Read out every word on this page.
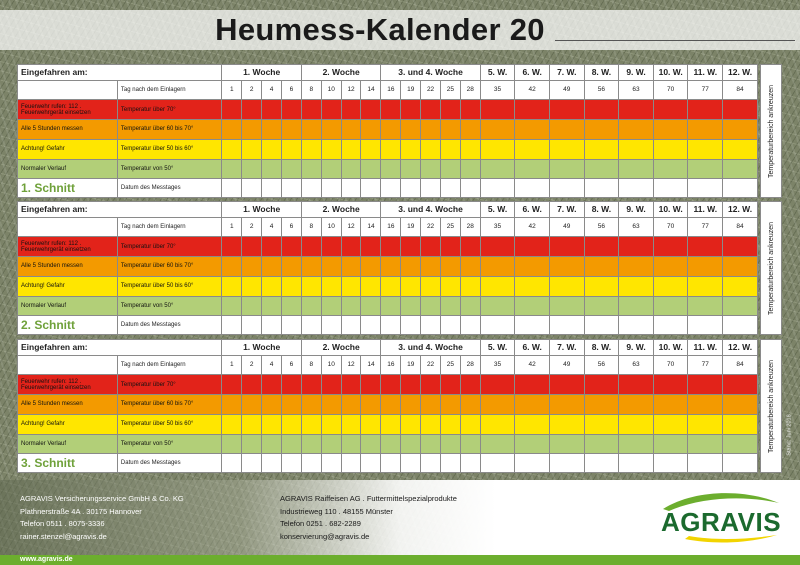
Heumess-Kalender 20
Eingefahren am:		1. Woche				2. Woche				3. und 4. Woche					5. W.	6. W.	7. W.	8. W.	9. W.	10. W.	11. W.	12. W.
	Tag nach dem Einlagern	1	2	4	6	8	10	12	14	16	19	22	25	28	35	42	49	56	63	70	77	84
Feuerwehr rufen: 112 . Feuerwehrgerät einsetzen	Temperatur über 70°																					
Alle 5 Stunden messen	Temperatur über 60 bis 70°																					
Achtung! Gefahr	Temperatur über 50 bis 60°																					
Normaler Verlauf	Temperatur von 50°																					
1. Schnitt	Datum des Messtages																					
Temperaturbereich ankreuzen
Eingefahren am:		1. Woche				2. Woche				3. und 4. Woche					5. W.	6. W.	7. W.	8. W.	9. W.	10. W.	11. W.	12. W.
	Tag nach dem Einlagern	1	2	4	6	8	10	12	14	16	19	22	25	28	35	42	49	56	63	70	77	84
Feuerwehr rufen: 112 . Feuerwehrgerät einsetzen	Temperatur über 70°																					
Alle 5 Stunden messen	Temperatur über 60 bis 70°																					
Achtung! Gefahr	Temperatur über 50 bis 60°																					
Normaler Verlauf	Temperatur von 50°																					
2. Schnitt	Datum des Messtages																					
Temperaturbereich ankreuzen
Eingefahren am:		1. Woche				2. Woche				3. und 4. Woche					5. W.	6. W.	7. W.	8. W.	9. W.	10. W.	11. W.	12. W.
	Tag nach dem Einlagern	1	2	4	6	8	10	12	14	16	19	22	25	28	35	42	49	56	63	70	77	84
Feuerwehr rufen: 112 . Feuerwehrgerät einsetzen	Temperatur über 70°																					
Alle 5 Stunden messen	Temperatur über 60 bis 70°																					
Achtung! Gefahr	Temperatur über 50 bis 60°																					
Normaler Verlauf	Temperatur von 50°																					
3. Schnitt	Datum des Messtages																					
Temperaturbereich ankreuzen Stand: Juni 2018
AGRAVIS Versicherungsservice GmbH & Co. KG
Plathnerstraße 4A . 30175 Hannover
Telefon 0511 . 8075-3336
rainer.stenzel@agravis.de
AGRAVIS Raiffeisen AG . Futtermittelspezialprodukte
Industrieweg 110 . 48155 Münster
Telefon 0251 . 682-2289
konservierung@agravis.de	AGRAVIS
www.agravis.de
